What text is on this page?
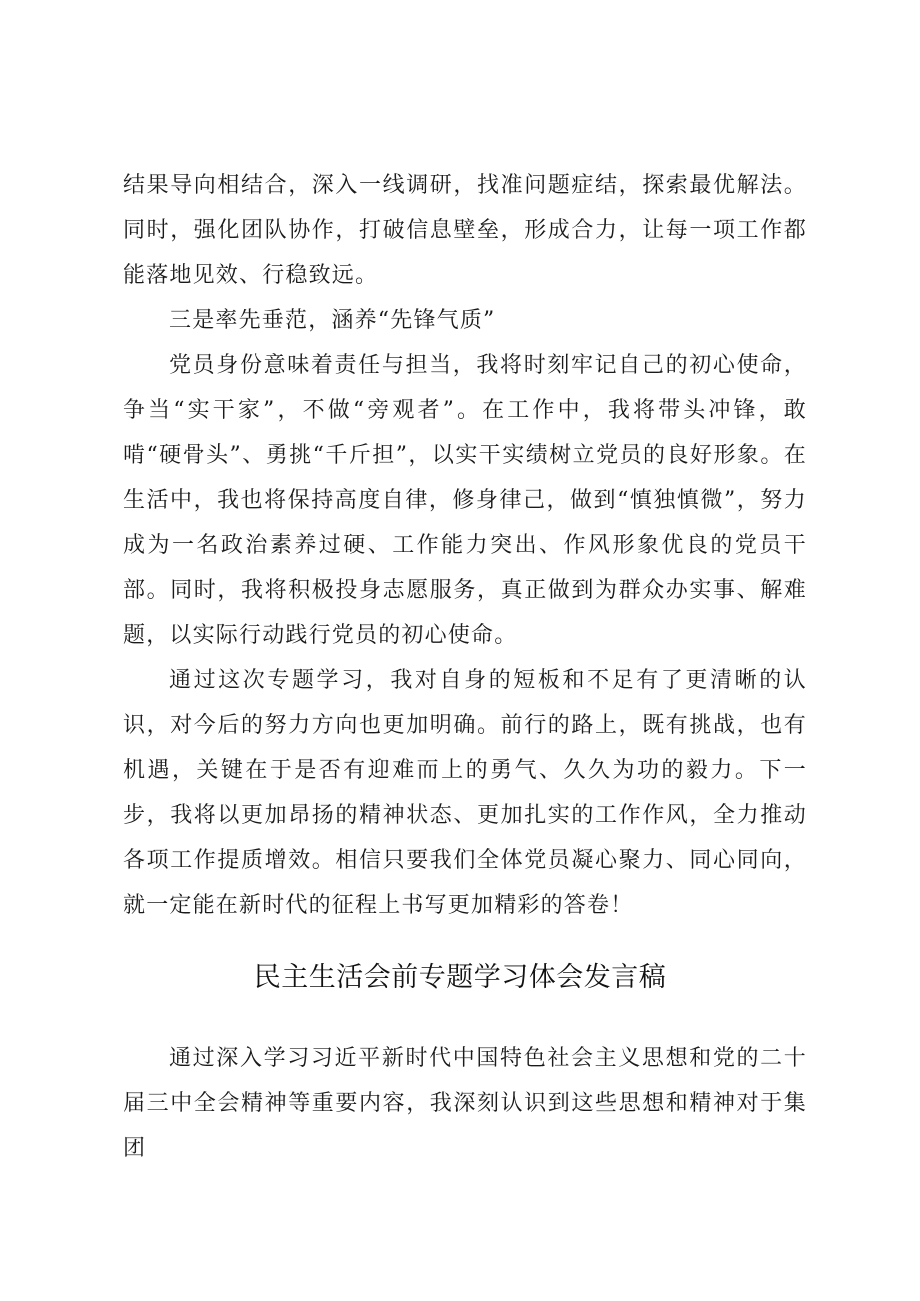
结果导向相结合，深入一线调研，找准问题症结，探索最优解法。同时，强化团队协作，打破信息壁垒，形成合力，让每一项工作都能落地见效、行稳致远。

三是率先垂范，涵养“先锋气质”

党员身份意味着责任与担当，我将时刻牢记自己的初心使命，争当“实干家”，不做“旁观者”。在工作中，我将带头冲锋，敢啃“硬骨头”、勇挑“千斤担”，以实干实绩树立党员的良好形象。在生活中，我也将保持高度自律，修身律己，做到“慎独慎微”，努力成为一名政治素养过硬、工作能力突出、作风形象优良的党员干部。同时，我将积极投身志愿服务，真正做到为群众办实事、解难题，以实际行动践行党员的初心使命。

通过这次专题学习，我对自身的短板和不足有了更清晰的认识，对今后的努力方向也更加明确。前行的路上，既有挑战，也有机遇，关键在于是否有迎难而上的勇气、久久为功的毅力。下一步，我将以更加昂扬的精神状态、更加扎实的工作作风，全力推动各项工作提质增效。相信只要我们全体党员凝心聚力、同心同向，就一定能在新时代的征程上书写更加精彩的答卷！

民主生活会前专题学习体会发言稿

通过深入学习习近平新时代中国特色社会主义思想和党的二十届三中全会精神等重要内容，我深刻认识到这些思想和精神对于集团
